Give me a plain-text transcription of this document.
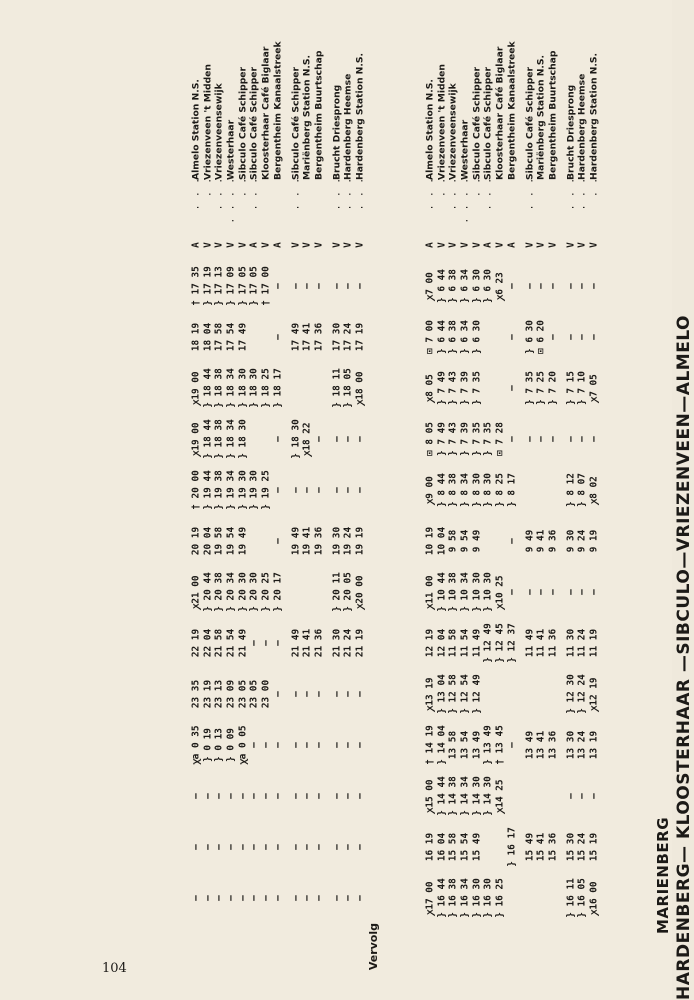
MARIENBERG HARDENBERG— KLOOSTERHAAR —SIBCULO—VRIEZENVEEN—ALMELO
Hardenberg Station N.S.
. .
V
—
—
ꭗ7 05
—
ꭗ8 02
9 19
—
11 19
ꭗ12 19
13 19
—
15 19
ꭗ16 00
Hardenberg Heemse
. . .
V
—
—
} 7 10
—
} 8 07
9 24
—
11 24
} 12 24
13 24
—
15 24
} 16 05
Brucht Driesprong
. . .
V
—
—
} 7 15
—
} 8 12
9 30
—
11 30
} 12 30
13 30
—
15 30
} 16 11
Bergentheim Buurtschap
V
—
—
} 7 20
—
9 36
—
11 36
13 36
15 36
Mariënberg Station N.S.
V
—
⊡ 6 20
} 7 25
—
9 41
—
11 41
13 41
15 41
Sibculo Café Schipper
. . .
V
—
} 6 30
} 7 35
—
9 49
—
11 49
13 49
15 49
Bergentheim Kanaalstreek
A
—
—
—
—
} 8 17
—
—
} 12 37
—
} 16 17
Kloosterhaar Café Biglaar
V
ꭗ6 23
⊡ 7 28
} 8 25
ꭗ10 25
} 12 45
† 13 45
ꭗ14 25
} 16 25
Sibculo Café Schipper
. . .
A
} 6 30
} 7 35
} 8 30
} 10 30
} 12 49
} 13 49
} 14 30
} 16 30
Sibculo Café Schipper
. .
V
} 6 30
} 6 30
} 7 35
} 7 35
} 8 30
9 49
} 10 30
11 49
} 12 49
13 49
} 14 30
15 49
} 16 30
Westerhaar
. . . .
V
} 6 34
} 6 34
} 7 39
} 7 39
} 8 34
9 54
} 10 34
11 54
} 12 54
13 54
} 14 34
15 54
} 16 34
Vriezenveensewijk
. . .
V
} 6 38
} 6 38
} 7 43
} 7 43
} 8 38
9 58
} 10 38
11 58
} 12 58
13 58
} 14 38
15 58
} 16 38
Vriezenveen 't Midden
. .
V
} 6 44
} 6 44
} 7 49
} 7 49
} 8 44
10 04
} 10 44
12 04
} 13 04
} 14 04
} 14 44
16 04
} 16 44
Almelo Station N.S.
. . .
A
ꭗ7 00
⊡ 7 00
ꭗ8 05
⊡ 8 05
ꭗ9 00
10 19
ꭗ11 00
12 19
ꭗ13 19
† 14 19
ꭗ15 00
16 19
ꭗ17 00
Vervolg
Hardenberg Station N.S.
. . .
V
—
17 19
ꭗ18 00
—
—
19 19
ꭗ20 00
21 19
—
—
—
—
—
Hardenberg Heemse
. . .
V
—
17 24
} 18 05
—
—
19 24
} 20 05
21 24
—
—
—
—
—
Brucht Driesprong
. . .
V
—
17 30
} 18 11
—
—
19 30
} 20 11
21 30
—
—
—
—
—
Bergentheim Buurtschap
V
—
17 36
—
—
19 36
21 36
—
—
—
—
—
Mariënberg Station N.S.
V
—
17 41
ꭗ18 22
—
19 41
21 41
—
—
—
—
—
Sibculo Café Schipper
. . .
V
—
17 49
} 18 30
—
19 49
21 49
—
—
—
—
—
Bergentheim Kanaalstreek
A
—
—
} 18 17
—
—
—
} 20 17
—
—
—
—
—
—
Kloosterhaar Café Biglaar
V
† 17 00
} 18 25
} 19 25
} 20 25
—
23 00
—
—
—
—
Sibculo Café Schipper
. . .
A
} 17 05
} 18 30
} 19 30
} 20 30
—
23 05
—
—
—
—
Sibculo Café Schipper
. .
V
} 17 05
17 49
} 18 30
} 18 30
} 19 30
19 49
} 20 30
21 49
23 05
ꭓa 0 05
—
—
—
Westerhaar
. . . .
V
} 17 09
17 54
} 18 34
} 18 34
} 19 34
19 54
} 20 34
21 54
23 09
} 0 09
—
—
—
Vriezenveensewijk
. . .
V
} 17 13
17 58
} 18 38
} 18 38
} 19 38
19 58
} 20 38
21 58
23 13
} 0 13
—
—
—
Vriezenveen 't Midden
. .
V
} 17 19
18 04
} 18 44
} 18 44
} 19 44
20 04
} 20 44
22 04
23 19
} 0 19
—
—
—
Almelo Station N.S.
. . .
A
† 17 35
18 19
ꭗ19 00
ꭗ19 00
† 20 00
20 19
ꭗ21 00
22 19
23 35
ꭓa 0 35
—
—
—
104
